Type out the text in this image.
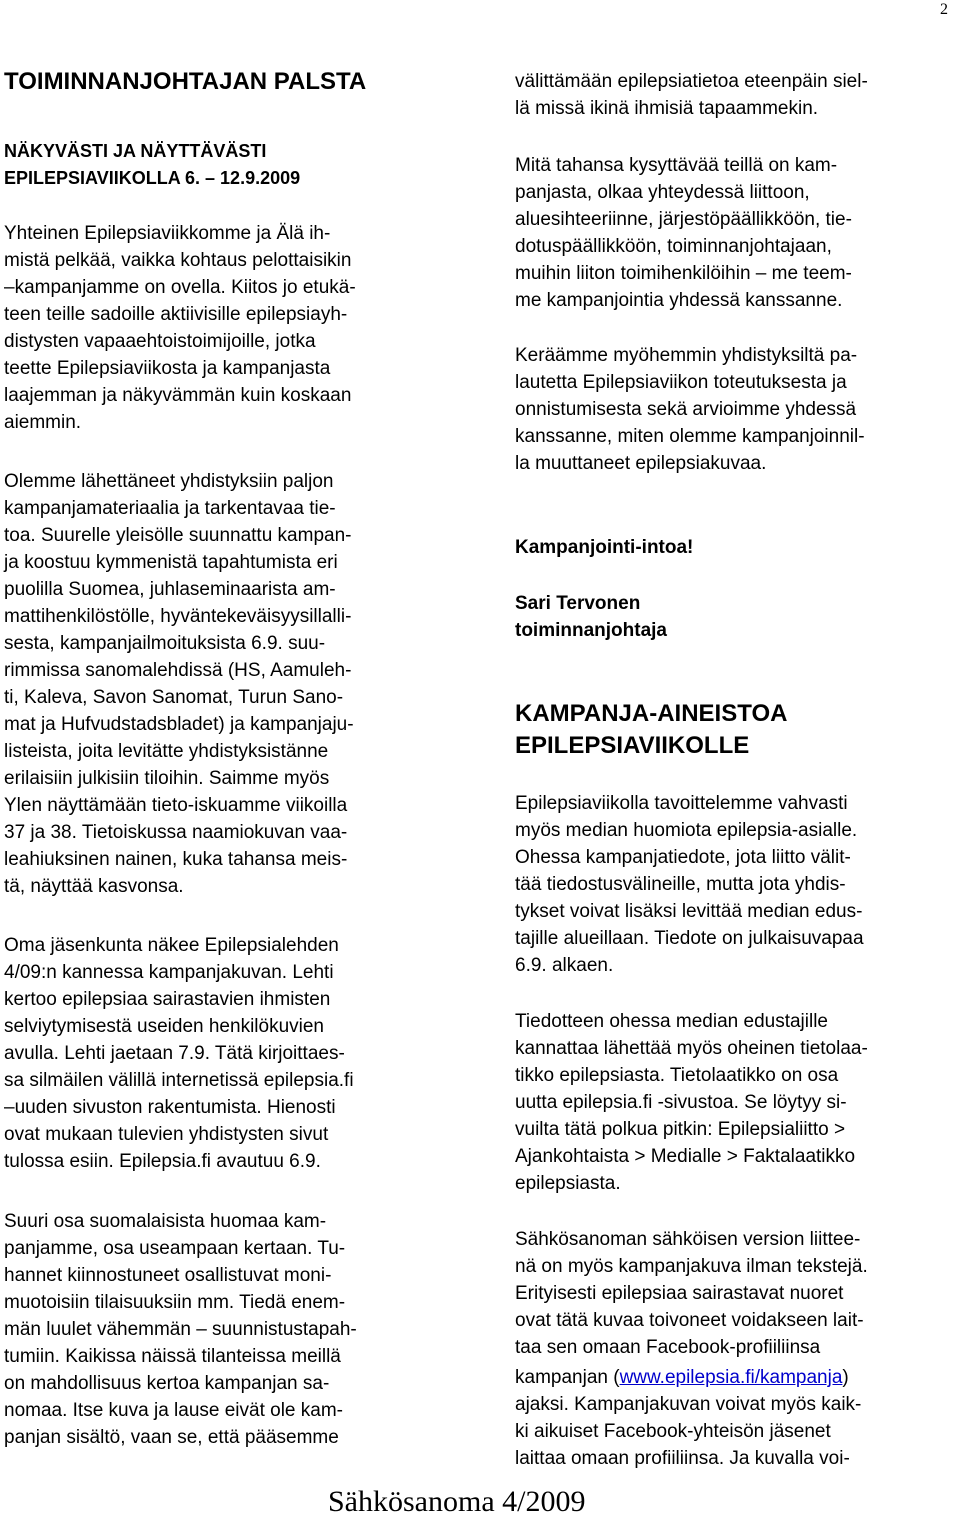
2
TOIMINNANJOHTAJAN PALSTA
NÄKYVÄSTI JA NÄYTTÄVÄSTI
EPILEPSIAVIIKOLLA 6. – 12.9.2009
Yhteinen Epilepsiaviikkomme ja Älä ih-
mistä pelkää, vaikka kohtaus pelottaisikin
–kampanjamme on ovella. Kiitos jo etukä-
teen teille sadoille aktiivisille epilepsiayh-
distysten vapaaehtoistoimijoille, jotka
teette Epilepsiaviikosta ja kampanjasta
laajemman ja näkyvämmän kuin koskaan
aiemmin.
Olemme lähettäneet yhdistyksiin paljon
kampanjamateriaalia ja tarkentavaa tie-
toa. Suurelle yleisölle suunnattu kampan-
ja koostuu kymmenistä tapahtumista eri
puolilla Suomea, juhlaseminaarista am-
mattihenkilöstölle, hyväntekeväisyysillalli-
sesta, kampanjailmoituksista 6.9. suu-
rimmissa sanomalehdissä (HS, Aamuleh-
ti, Kaleva, Savon Sanomat, Turun Sano-
mat ja Hufvudstadsbladet) ja kampanjaju-
listeista, joita levitätte yhdistyksistänne
erilaisiin julkisiin tiloihin. Saimme myös
Ylen näyttämään tieto-iskuamme viikoilla
37 ja 38. Tietoiskussa naamiokuvan vaa-
leahiuksinen nainen, kuka tahansa meis-
tä, näyttää kasvonsa.
Oma jäsenkunta näkee Epilepsialehden
4/09:n kannessa kampanjakuvan. Lehti
kertoo epilepsiaa sairastavien ihmisten
selviytymisestä useiden henkilökuvien
avulla. Lehti jaetaan 7.9. Tätä kirjoittaes-
sa silmäilen välillä internetissä epilepsia.fi
–uuden sivuston rakentumista. Hienosti
ovat mukaan tulevien yhdistysten sivut
tulossa esiin. Epilepsia.fi avautuu 6.9.
Suuri osa suomalaisista huomaa kam-
panjamme, osa useampaan kertaan. Tu-
hannet kiinnostuneet osallistuvat moni-
muotoisiin tilaisuuksiin mm. Tiedä enem-
män luulet vähemmän – suunnistustapah-
tumiin. Kaikissa näissä tilanteissa meillä
on mahdollisuus kertoa kampanjan sa-
nomaa. Itse kuva ja lause eivät ole kam-
panjan sisältö, vaan se, että pääsemme
välittämään epilepsiatietoa eteenpäin siel-
lä missä ikinä ihmisiä tapaammekin.
Mitä tahansa kysyttävää teillä on kam-
panjasta, olkaa yhteydessä liittoon,
aluesihteeriinne, järjestöpäällikköön, tie-
dotuspäällikköön, toiminnanjohtajaan,
muihin liiton toimihenkilöihin – me teem-
me kampanjointia yhdessä kanssanne.
Keräämme myöhemmin yhdistyksiltä pa-
lautetta Epilepsiaviikon toteutuksesta ja
onnistumisesta sekä arvioimme yhdessä
kanssanne, miten olemme kampanjoinnil-
la muuttaneet epilepsiakuvaa.
Kampanjointi-intoa!
Sari Tervonen
toiminnanjohtaja
KAMPANJA-AINEISTOA
EPILEPSIAVIIKOLLE
Epilepsiaviikolla tavoittelemme vahvasti
myös median huomiota epilepsia-asialle.
Ohessa kampanjatiedote, jota liitto välit-
tää tiedostusvälineille, mutta jota yhdis-
tykset voivat lisäksi levittää median edus-
tajille alueillaan. Tiedote on julkaisuvapaa
6.9. alkaen.
Tiedotteen ohessa median edustajille
kannattaa lähettää myös oheinen tietolaa-
tikko epilepsiasta. Tietolaatikko on osa
uutta epilepsia.fi -sivustoa. Se löytyy si-
vuilta tätä polkua pitkin: Epilepsialiitto >
Ajankohtaista > Medialle > Faktalaatikko
epilepsiasta.
Sähkösanoman sähköisen version liitteе-
nä on myös kampanjakuva ilman tekstejä.
Erityisesti epilepsiaa sairastavat nuoret
ovat tätä kuvaa toivoneet voidakseen lait-
taa sen omaan Facebook-profiiliinsa
kampanjan (www.epilepsia.fi/kampanja)
ajaksi. Kampanjakuvan voivat myös kaik-
ki aikuiset Facebook-yhteisön jäsenet
laittaa omaan profiiliinsa. Ja kuvalla voi-
Sähkösanoma 4/2009
